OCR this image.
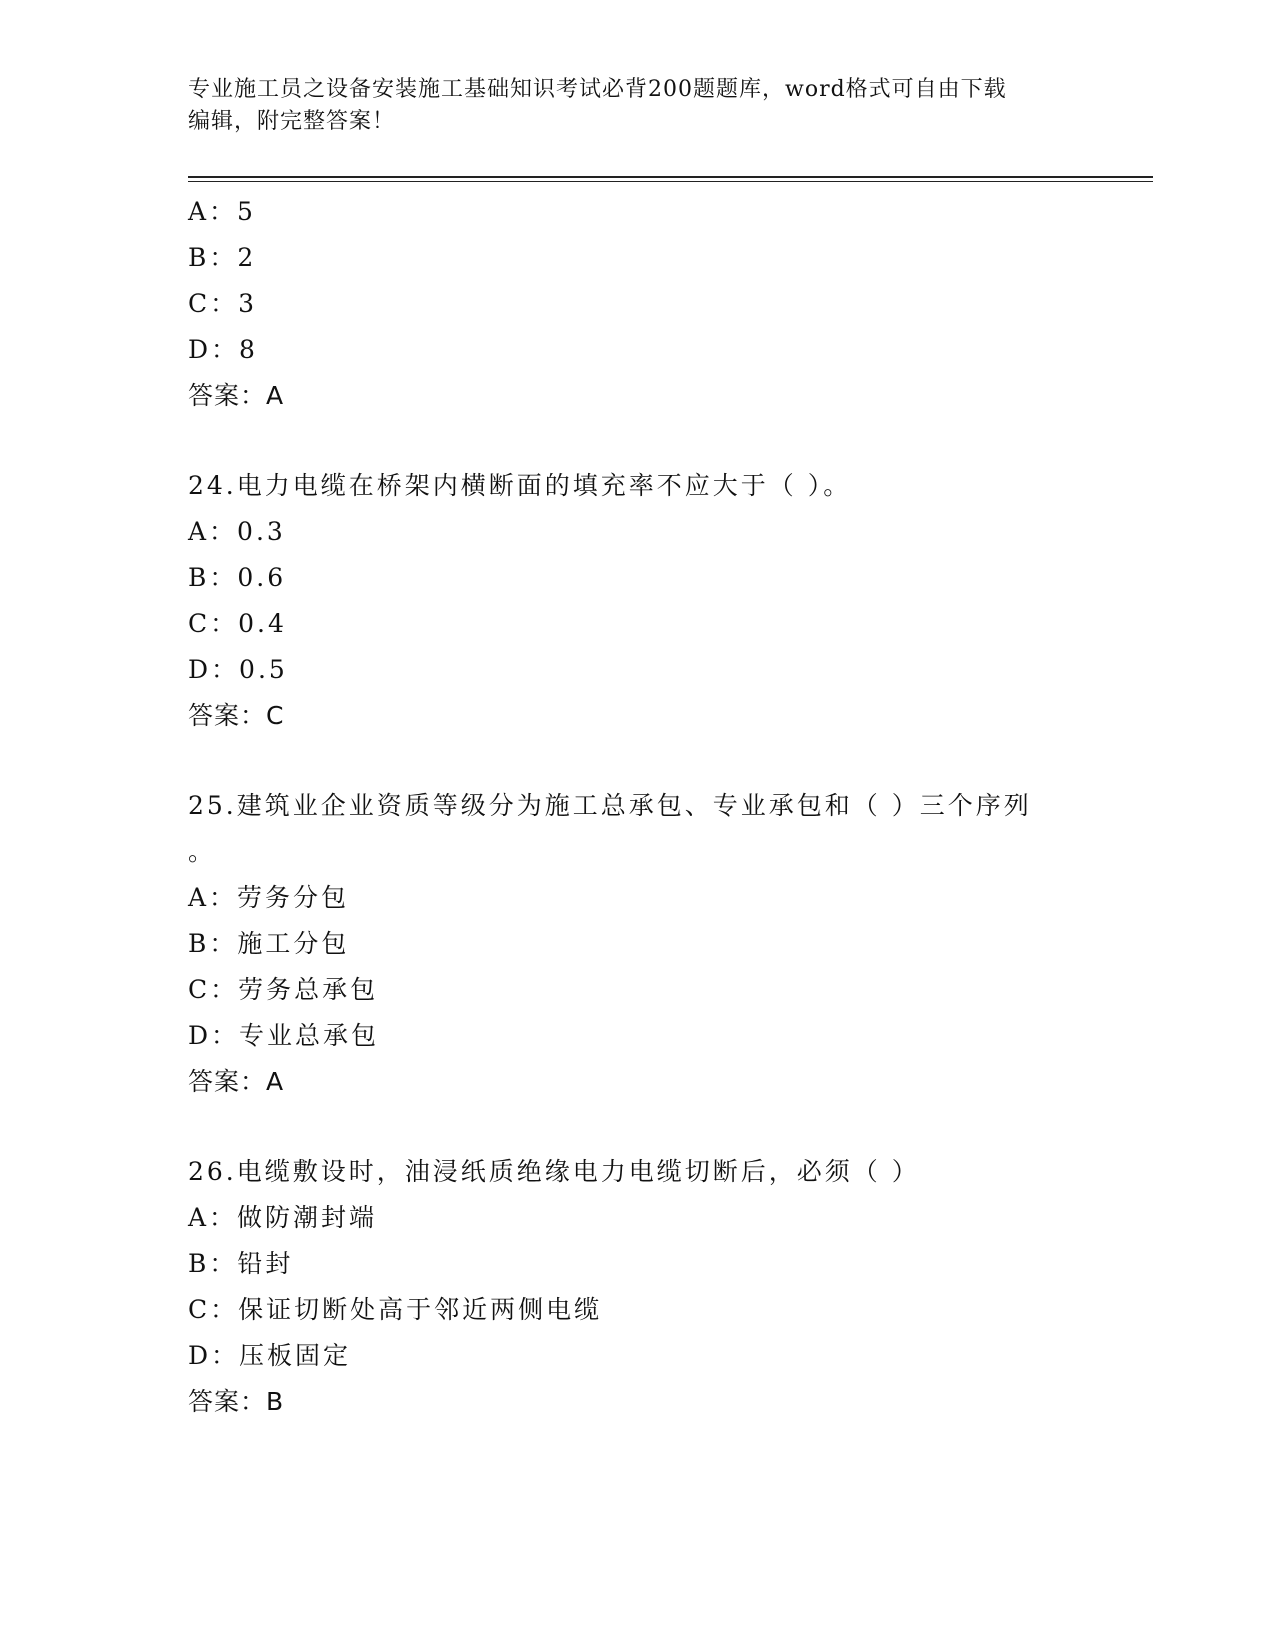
专业施工员之设备安装施工基础知识考试必背200题题库，word格式可自由下载
编辑，附完整答案！
A：5
B：2
C：3
D：8
答案：A
24.电力电缆在桥架内横断面的填充率不应大于（ ）。
A：0.3
B：0.6
C：0.4
D：0.5
答案：C
25.建筑业企业资质等级分为施工总承包、专业承包和（ ）三个序列
。
A：劳务分包
B：施工分包
C：劳务总承包
D：专业总承包
答案：A
26.电缆敷设时，油浸纸质绝缘电力电缆切断后，必须（ ）
A：做防潮封端
B：铅封
C：保证切断处高于邻近两侧电缆
D：压板固定
答案：B
